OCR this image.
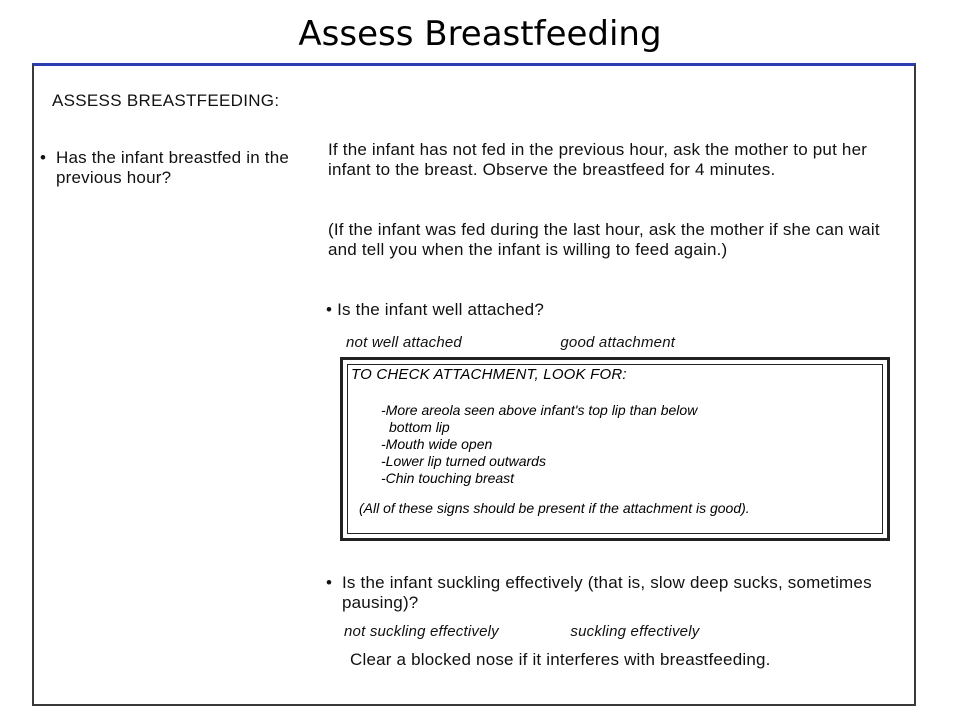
Assess Breastfeeding
ASSESS BREASTFEEDING:
• Has the infant breastfed in the previous hour?
If the infant has not fed in the previous hour, ask the mother to put her infant to the breast. Observe the breastfeed for 4 minutes.
(If the infant was fed during the last hour, ask the mother if she can wait and tell you when the infant is willing to feed again.)
• Is the infant well attached?
not well attached	good attachment
TO CHECK ATTACHMENT, LOOK FOR:
-More areola seen above infant's top lip than below
bottom lip
-Mouth wide open
-Lower lip turned outwards
-Chin touching breast
(All of these signs should be present if the attachment is good).
• Is the infant suckling effectively (that is, slow deep sucks, sometimes pausing)?
not suckling effectively	suckling effectively
Clear a blocked nose if it interferes with breastfeeding.
